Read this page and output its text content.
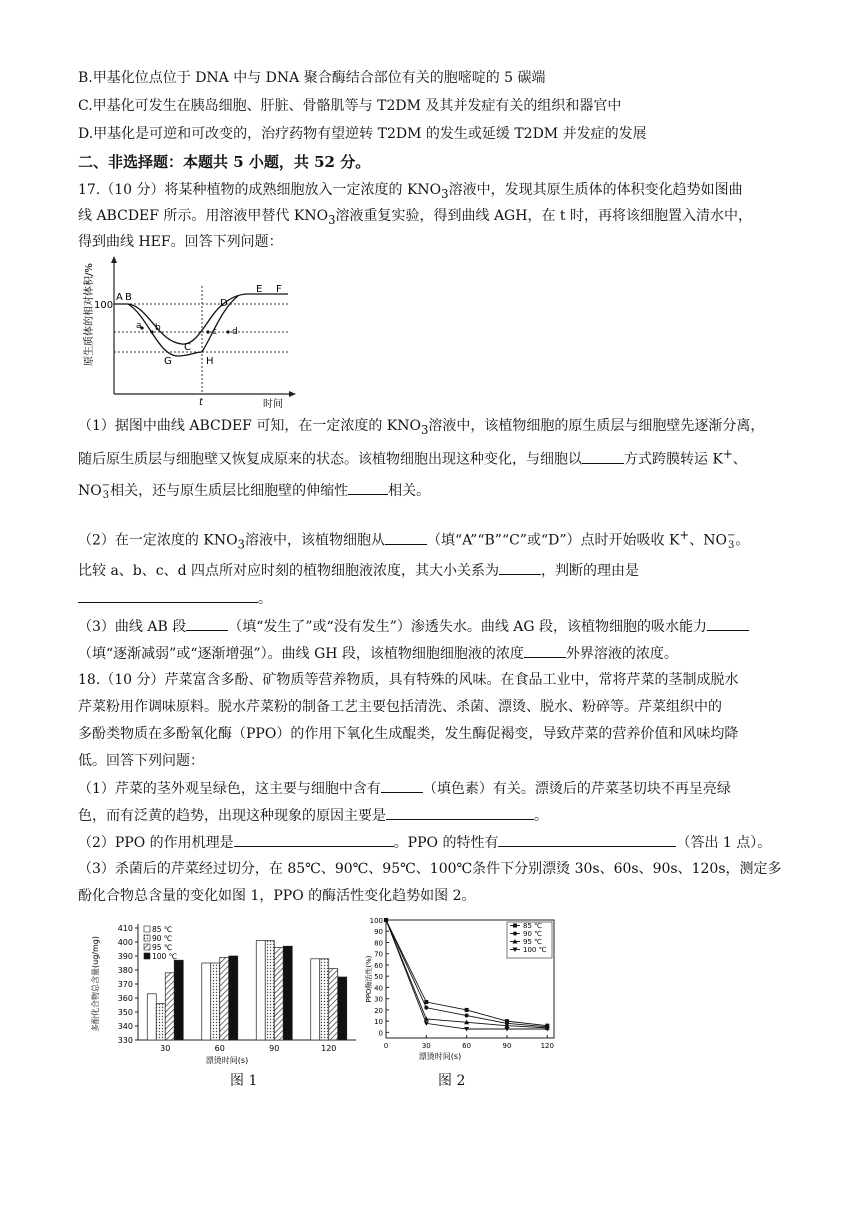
B.甲基化位点位于 DNA 中与 DNA 聚合酶结合部位有关的胞嘧啶的 5 碳端
C.甲基化可发生在胰岛细胞、肝脏、骨骼肌等与 T2DM 及其并发症有关的组织和器官中
D.甲基化是可逆和可改变的，治疗药物有望逆转 T2DM 的发生或延缓 T2DM 并发症的发展
二、非选择题：本题共 5 小题，共 52 分。
17.（10 分）将某种植物的成熟细胞放入一定浓度的 $KNO_3$溶液中，发现其原生质体的体积变化趋势如图曲
线 ABCDEF 所示。用溶液甲替代 $KNO_3$溶液重复实验，得到曲线 AGH，在 t 时，再将该细胞置入清水中，
得到曲线 HEF。回答下列问题：
原生质体的相对体积/%
时间
100
A B
C
D
E F
G	H
a b	c d
t
（1）据图中曲线 ABCDEF 可知，在一定浓度的 $KNO_3$溶液中，该植物细胞的原生质层与细胞壁先逐渐分离，
随后原生质层与细胞壁又恢复成原来的状态。该植物细胞出现这种变化，与细胞以	方式跨膜转运 K+、
NO −
3 相关，还与原生质层比细胞壁的伸缩性	相关。
（2）在一定浓度的 $KNO_3$溶液中，该植物细胞从	（填“A”“B”“C”或“D”）点时开始吸收 K+、NO −
3 。
比较 a、b、c、d 四点所对应时刻的植物细胞液浓度，其大小关系为	，判断的理由是
。
（3）曲线 AB 段	（填“发生了”或“没有发生”）渗透失水。曲线 AG 段，该植物细胞的吸水能力
（填“逐渐减弱”或“逐渐增强”）。曲线 GH 段，该植物细胞细胞液的浓度	外界溶液的浓度。
18.（10 分）芹菜富含多酚、矿物质等营养物质，具有特殊的风味。在食品工业中，常将芹菜的茎制成脱水
芹菜粉用作调味原料。脱水芹菜粉的制备工艺主要包括清洗、杀菌、漂烫、脱水、粉碎等。芹菜组织中的
多酚类物质在多酚氧化酶（PPO）的作用下氧化生成醌类，发生酶促褐变，导致芹菜的营养价值和风味均降
低。回答下列问题：
（1）芹菜的茎外观呈绿色，这主要与细胞中含有	（填色素）有关。漂烫后的芹菜茎切块不再呈亮绿
色，而有泛黄的趋势，出现这种现象的原因主要是	。
（2）PPO 的作用机理是	。PPO 的特性有	（答出 1 点）。
（3）杀菌后的芹菜经过切分，在 85℃、90℃、95℃、100℃条件下分别漂烫 30s、60s、90s、120s，测定多
酚化合物总含量的变化如图 1，PPO 的酶活性变化趋势如图 2。
330
340
350
360
370
380
390
400
410
30	60	90	120
漂烫时间(s)
多酚化合物总含量(ug/mg)
85 ℃
90 ℃
95 ℃
100 ℃
0
10
20
30
40
50
60
70
80
90
100
0	30	60	90	120
漂烫时间(s)
PPO酶活性(%)
85 ℃
90 ℃
95 ℃
100 ℃
图 1	图 2
